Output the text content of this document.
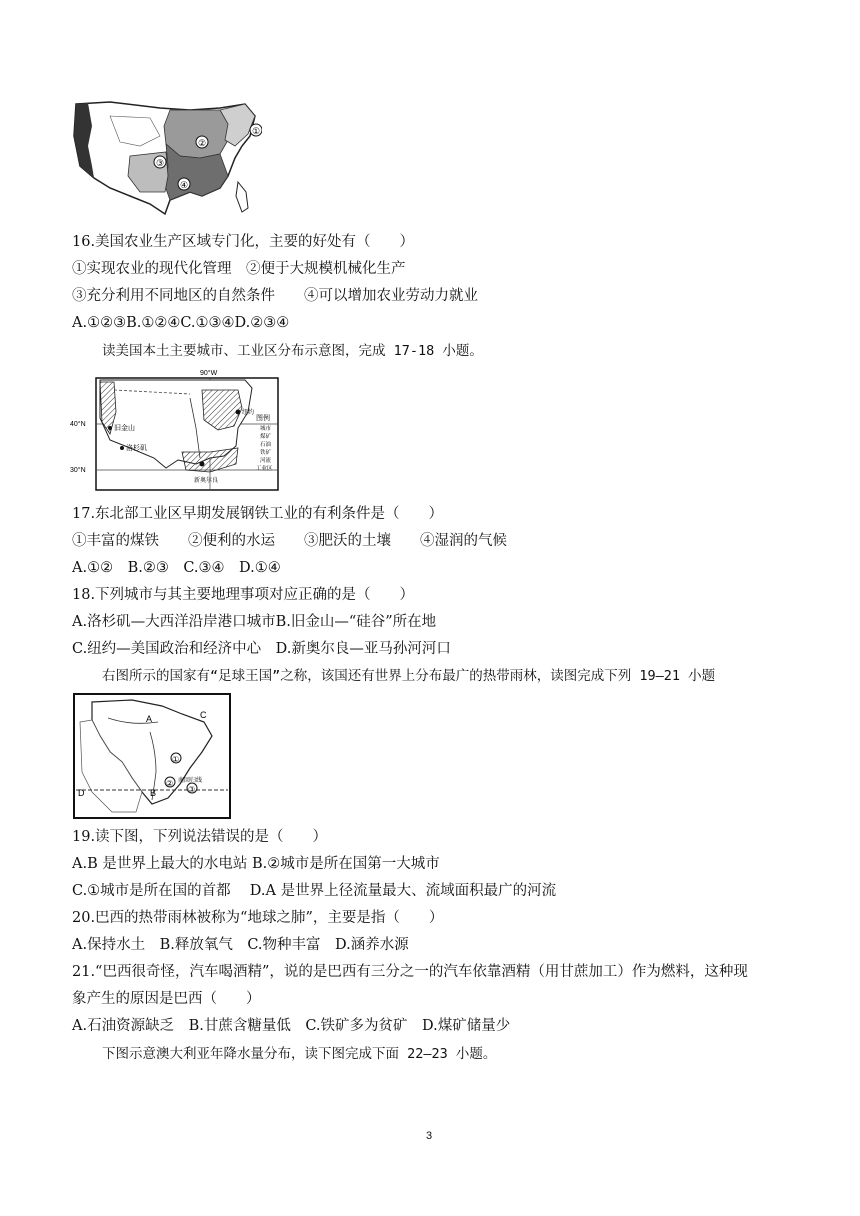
①
②
③
④
16.美国农业生产区域专门化，主要的好处有（　　）
①实现农业的现代化管理　②便于大规模机械化生产
③充分利用不同地区的自然条件　　④可以增加农业劳动力就业
A.①②③B.①②④C.①③④D.②③④
读美国本土主要城市、工业区分布示意图，完成 17-18 小题。
90°W
40°N
30°N
旧金山
洛杉矶
纽约
新奥尔良
图例
城市
煤矿
石油
铁矿
河流
工业区
17.东北部工业区早期发展钢铁工业的有利条件是（　　）
①丰富的煤铁　　②便利的水运　　③肥沃的土壤　　④湿润的气候
A.①②　B.②③　C.③④　D.①④
18.下列城市与其主要地理事项对应正确的是（　　）
A.洛杉矶—大西洋沿岸港口城市B.旧金山—“硅谷”所在地
C.纽约—美国政治和经济中心　D.新奥尔良—亚马孙河河口
右图所示的国家有“足球王国”之称，该国还有世界上分布最广的热带雨林，读图完成下列 19—21 小题
A
B
C
D
①
②
③
南回归线
19.读下图，下列说法错误的是（　　）
A.B 是世界上最大的水电站 B.②城市是所在国第一大城市
C.①城市是所在国的首都　 D.A 是世界上径流量最大、流域面积最广的河流
20.巴西的热带雨林被称为“地球之肺”，主要是指（　　）
A.保持水土　B.释放氧气　C.物种丰富　D.涵养水源
21.“巴西很奇怪，汽车喝酒精”，说的是巴西有三分之一的汽车依靠酒精（用甘蔗加工）作为燃料，这种现
象产生的原因是巴西（　　）
A.石油资源缺乏　B.甘蔗含糖量低　C.铁矿多为贫矿　D.煤矿储量少
下图示意澳大利亚年降水量分布，读下图完成下面 22—23 小题。
3
